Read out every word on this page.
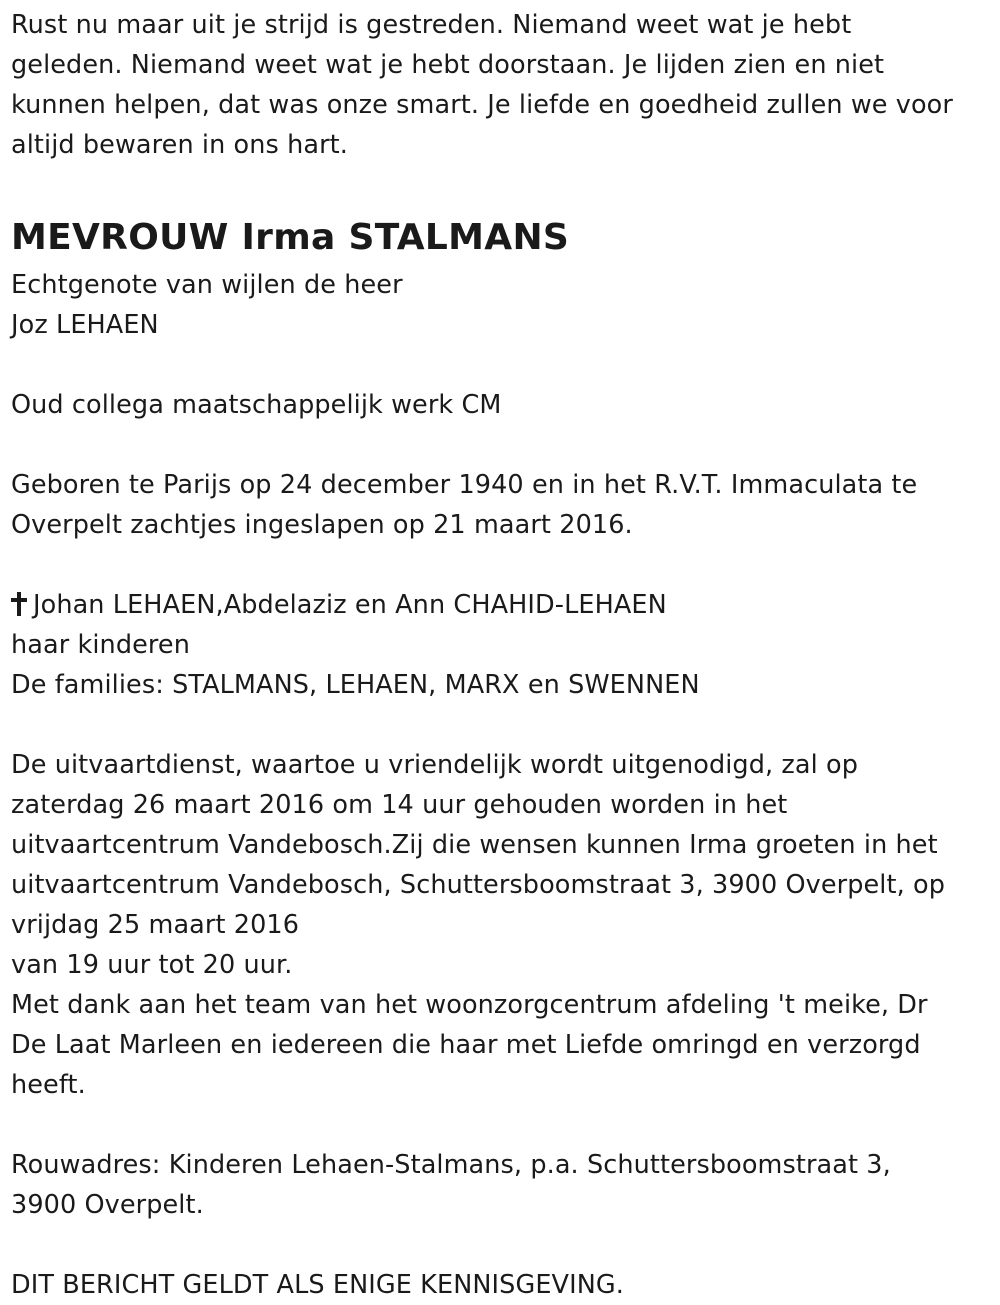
Rust nu maar uit je strijd is gestreden. Niemand weet wat je hebt
geleden. Niemand weet wat je hebt doorstaan. Je lijden zien en niet
kunnen helpen, dat was onze smart. Je liefde en goedheid zullen we voor
altijd bewaren in ons hart.
MEVROUW Irma STALMANS
Echtgenote van wijlen de heer
Joz LEHAEN
Oud collega maatschappelijk werk CM
Geboren te Parijs op 24 december 1940 en in het R.V.T. Immaculata te
Overpelt zachtjes ingeslapen op 21 maart 2016.
Johan LEHAEN,Abdelaziz en Ann CHAHID-LEHAEN
haar kinderen
De families: STALMANS, LEHAEN, MARX en SWENNEN
De uitvaartdienst, waartoe u vriendelijk wordt uitgenodigd, zal op
zaterdag 26 maart 2016 om 14 uur gehouden worden in het
uitvaartcentrum Vandebosch.Zij die wensen kunnen Irma groeten in het
uitvaartcentrum Vandebosch, Schuttersboomstraat 3, 3900 Overpelt, op
vrijdag 25 maart 2016
van 19 uur tot 20 uur.
Met dank aan het team van het woonzorgcentrum afdeling 't meike, Dr
De Laat Marleen en iedereen die haar met Liefde omringd en verzorgd
heeft.
Rouwadres: Kinderen Lehaen-Stalmans, p.a. Schuttersboomstraat 3,
3900 Overpelt.
DIT BERICHT GELDT ALS ENIGE KENNISGEVING.
